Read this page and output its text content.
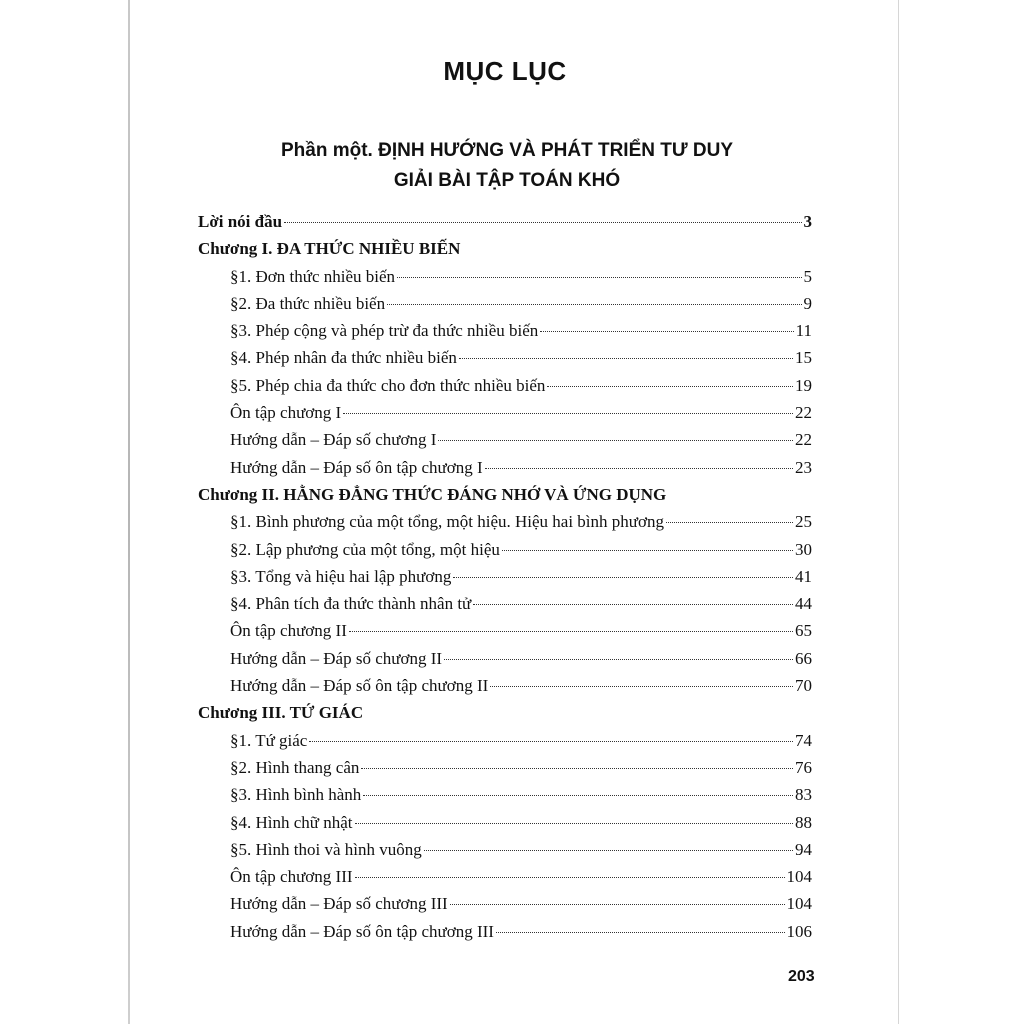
MỤC LỤC
Phần một. ĐỊNH HƯỚNG VÀ PHÁT TRIỂN TƯ DUY
GIẢI BÀI TẬP TOÁN KHÓ
Lời nói đầu	3
Chương I. ĐA THỨC NHIỀU BIẾN
§1. Đơn thức nhiều biến	5
§2. Đa thức nhiều biến	9
§3. Phép cộng và phép trừ đa thức nhiều biến	11
§4. Phép nhân đa thức nhiều biến	15
§5. Phép chia đa thức cho đơn thức nhiều biến	19
Ôn tập chương I	22
Hướng dẫn – Đáp số chương I	22
Hướng dẫn – Đáp số ôn tập chương I	23
Chương II. HẰNG ĐẲNG THỨC ĐÁNG NHỚ VÀ ỨNG DỤNG
§1. Bình phương của một tổng, một hiệu. Hiệu hai bình phương	25
§2. Lập phương của một tổng, một hiệu	30
§3. Tổng và hiệu hai lập phương	41
§4. Phân tích đa thức thành nhân tử	44
Ôn tập chương II	65
Hướng dẫn – Đáp số chương II	66
Hướng dẫn – Đáp số ôn tập chương II	70
Chương III. TỨ GIÁC
§1. Tứ giác	74
§2. Hình thang cân	76
§3. Hình bình hành	83
§4. Hình chữ nhật	88
§5. Hình thoi và hình vuông	94
Ôn tập chương III	104
Hướng dẫn – Đáp số chương III	104
Hướng dẫn – Đáp số ôn tập chương III	106
203
